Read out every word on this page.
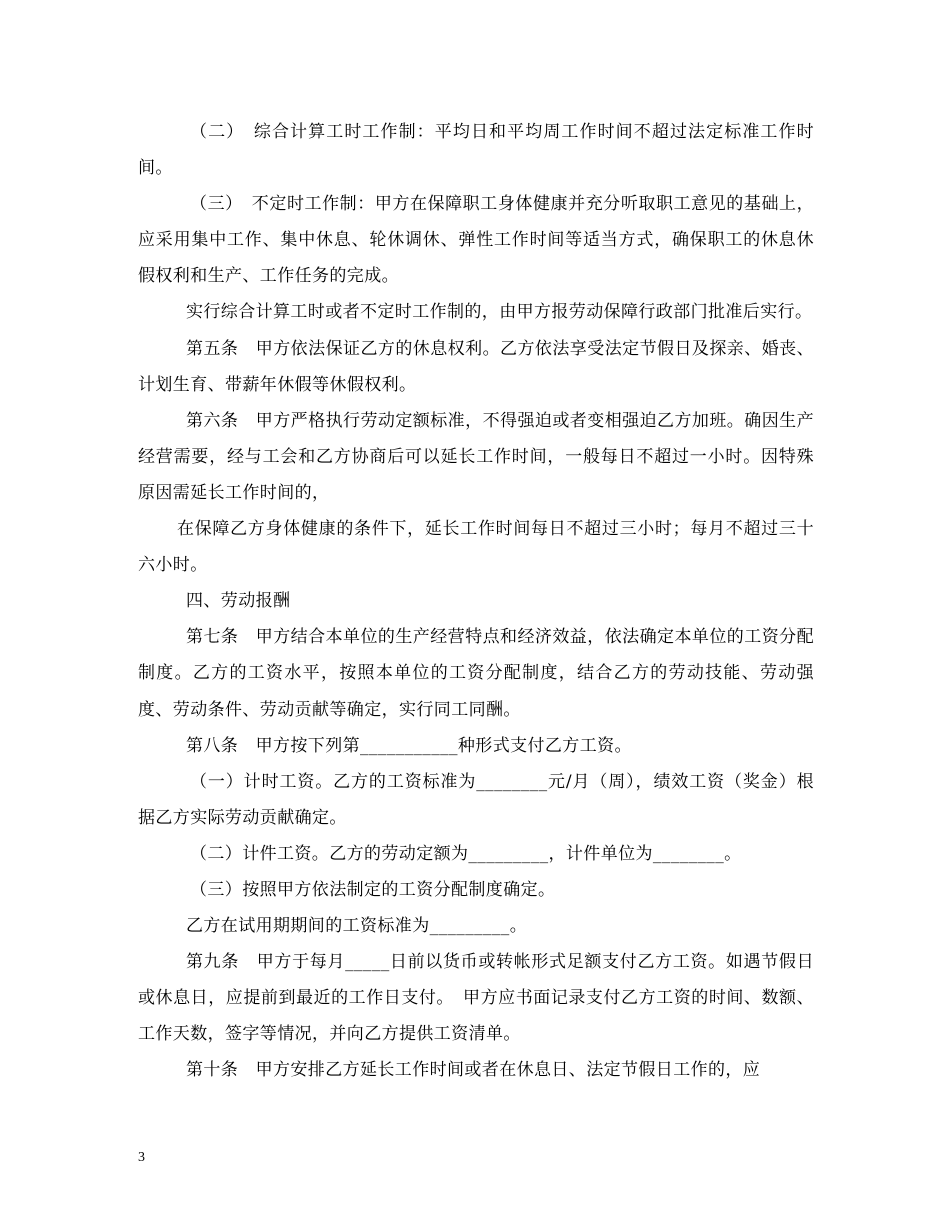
（二）　综合计算工时工作制：平均日和平均周工作时间不超过法定标准工作时间。

（三）　不定时工作制：甲方在保障职工身体健康并充分听取职工意见的基础上，应采用集中工作、集中休息、轮休调休、弹性工作时间等适当方式，确保职工的休息休假权利和生产、工作任务的完成。

实行综合计算工时或者不定时工作制的，由甲方报劳动保障行政部门批准后实行。

第五条　甲方依法保证乙方的休息权利。乙方依法享受法定节假日及探亲、婚丧、计划生育、带薪年休假等休假权利。

第六条　甲方严格执行劳动定额标准，不得强迫或者变相强迫乙方加班。确因生产经营需要，经与工会和乙方协商后可以延长工作时间，一般每日不超过一小时。因特殊原因需延长工作时间的，

在保障乙方身体健康的条件下，延长工作时间每日不超过三小时；每月不超过三十六小时。

四、劳动报酬

第七条　甲方结合本单位的生产经营特点和经济效益，依法确定本单位的工资分配制度。乙方的工资水平，按照本单位的工资分配制度，结合乙方的劳动技能、劳动强度、劳动条件、劳动贡献等确定，实行同工同酬。

第八条　甲方按下列第___________种形式支付乙方工资。

（一）计时工资。乙方的工资标准为________元/月（周），绩效工资（奖金）根据乙方实际劳动贡献确定。

（二）计件工资。乙方的劳动定额为_________，计件单位为________。

（三）按照甲方依法制定的工资分配制度确定。

乙方在试用期期间的工资标准为_________。

第九条　甲方于每月_____日前以货币或转帐形式足额支付乙方工资。如遇节假日或休息日，应提前到最近的工作日支付。　甲方应书面记录支付乙方工资的时间、数额、工作天数，签字等情况，并向乙方提供工资清单。

第十条　甲方安排乙方延长工作时间或者在休息日、法定节假日工作的，应

3
